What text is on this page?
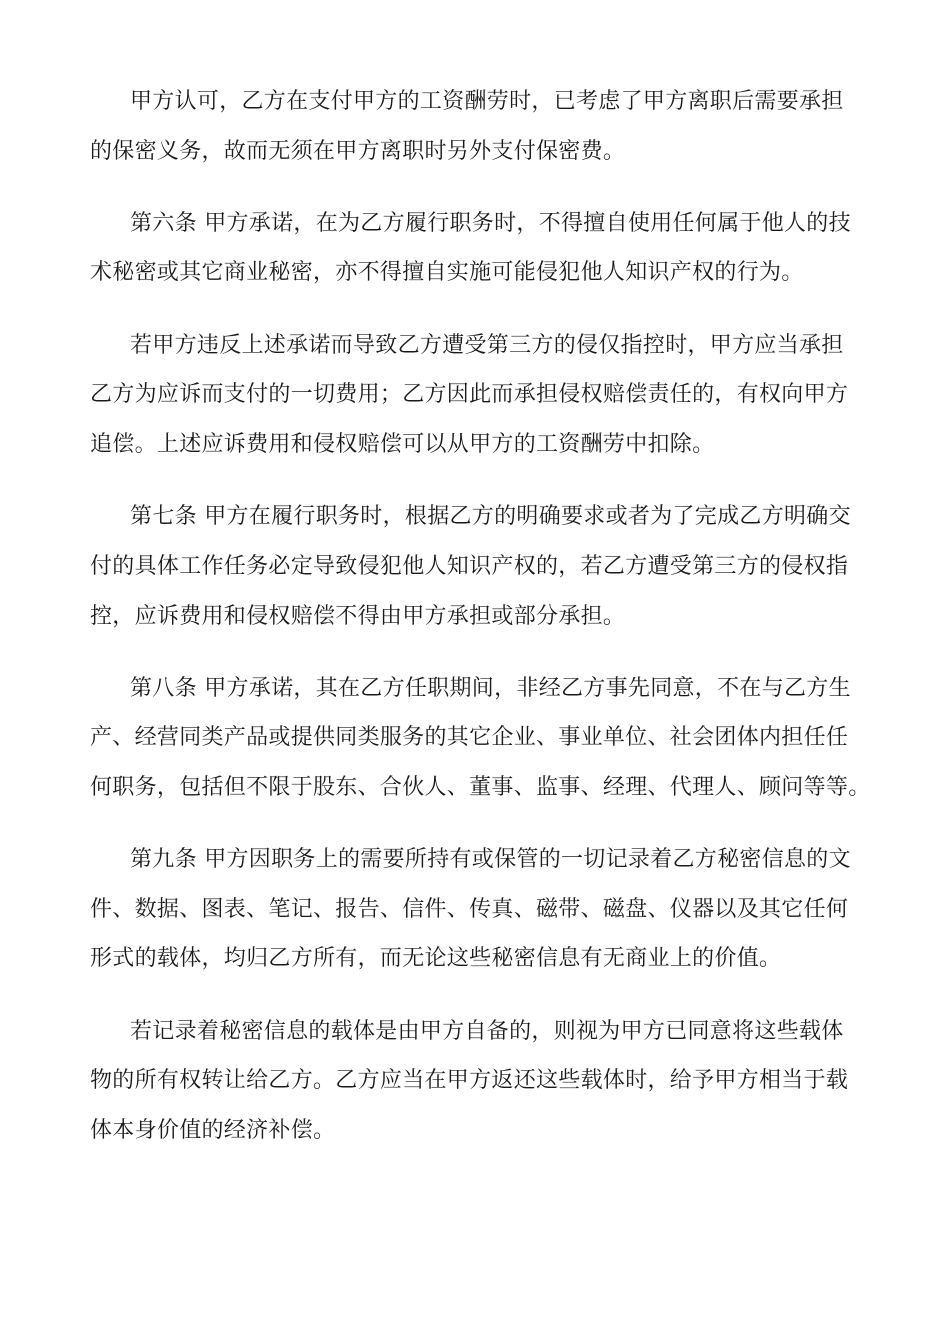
甲方认可，乙方在支付甲方的工资酬劳时，已考虑了甲方离职后需要承担
的保密义务，故而无须在甲方离职时另外支付保密费。
第六条 甲方承诺，在为乙方履行职务时，不得擅自使用任何属于他人的技
术秘密或其它商业秘密，亦不得擅自实施可能侵犯他人知识产权的行为。
若甲方违反上述承诺而导致乙方遭受第三方的侵仅指控时，甲方应当承担
乙方为应诉而支付的一切费用；乙方因此而承担侵权赔偿责任的，有权向甲方
追偿。上述应诉费用和侵权赔偿可以从甲方的工资酬劳中扣除。
第七条 甲方在履行职务时，根据乙方的明确要求或者为了完成乙方明确交
付的具体工作任务必定导致侵犯他人知识产权的，若乙方遭受第三方的侵权指
控，应诉费用和侵权赔偿不得由甲方承担或部分承担。
第八条 甲方承诺，其在乙方任职期间，非经乙方事先同意，不在与乙方生
产、经营同类产品或提供同类服务的其它企业、事业单位、社会团体内担任任
何职务，包括但不限于股东、合伙人、董事、监事、经理、代理人、顾问等等。
第九条 甲方因职务上的需要所持有或保管的一切记录着乙方秘密信息的文
件、数据、图表、笔记、报告、信件、传真、磁带、磁盘、仪器以及其它任何
形式的载体，均归乙方所有，而无论这些秘密信息有无商业上的价值。
若记录着秘密信息的载体是由甲方自备的，则视为甲方已同意将这些载体
物的所有权转让给乙方。乙方应当在甲方返还这些载体时，给予甲方相当于载
体本身价值的经济补偿。
